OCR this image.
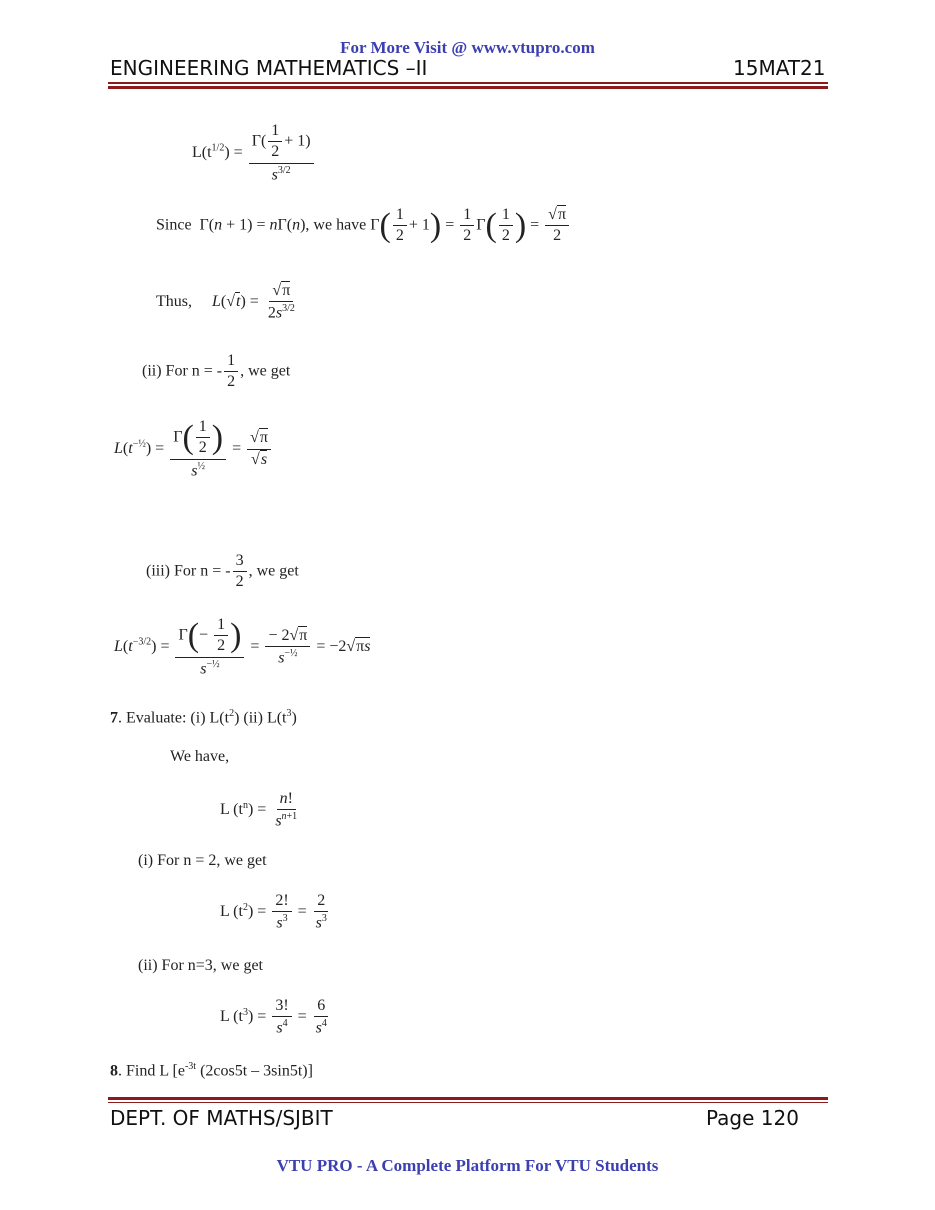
For More Visit @ www.vtupro.com
ENGINEERING MATHEMATICS –II	15MAT21
$L(t^{1/2}) = \frac{\Gamma( \frac{1}{2} + 1)}{s^{3/2}}$
Since  Γ(n + 1) = nΓ(n), we have $\Gamma( \frac{1}{2} + 1) = \frac{1}{2} \Gamma( \frac{1}{2}$ ) = $\frac{√\pi}{2}$
Thus, $L(√t) = \frac{√\pi}{2s^{3/2}}$
(ii) For n = - $\frac{1}{2}$ , we get
$L(t^{-\frac{1}{2}}) = \frac{\Gamma( \frac{1}{2} )}{s^{\frac{1}{2}}} = \frac{√\pi}{√s}$
(iii) For n = - $\frac{3}{2}$ , we get
$L(t^{-3/2}) = \frac{\Gamma(- \frac{1}{2} )}{s^{-\frac{1}{2}}} = \frac{- 2√\pi}{s^{-\frac{1}{2}}} = -2√\pi s$
7. Evaluate: (i) $L(t^2)$ (ii) $L(t^3)$
We have,
L $(t^n) = \frac{n!}{s^{n+1}}$
(i) For n = 2, we get
L $(t^2) = \frac{2!}{s^3} = \frac{2}{s^3}$
(ii) For n=3, we get
L $(t^3) = \frac{3!}{s^4} = \frac{6}{s^4}$
8. Find L [$e^{-3t}$ (2cos5t – 3sin5t)]
DEPT. OF MATHS/SJBIT	Page 120
VTU PRO - A Complete Platform For VTU Students
